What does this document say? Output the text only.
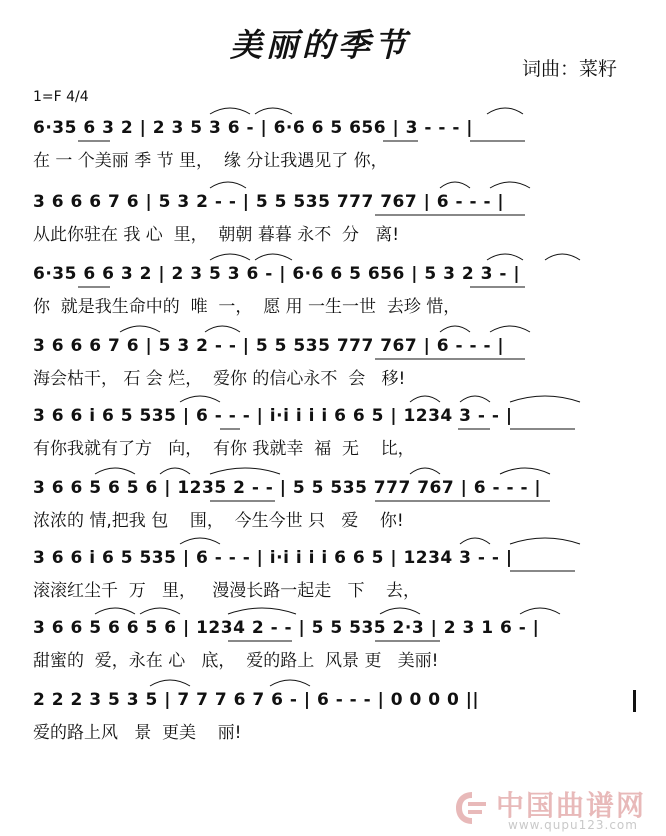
美丽的季节
词曲：菜籽
1=F 4/4
6·35 6 3 2 | 2 3 5 3 6 - | 6·6 6 5 656 | 3 - - - |
在 一 个美丽 季 节 里，  缘 分让我遇见了 你，
3 6 6 6 7 6 | 5 3 2 - - | 5 5 535 777 767 | 6 - - - |
从此你驻在 我 心  里，  朝朝 暮暮 永不  分   离!
6·35 6 6 3 2 | 2 3 5 3 6 - | 6·6 6 5 656 | 5 3 2 3 - |
你  就是我生命中的  唯  一，  愿 用 一生一世  去珍 惜，
3 6 6 6 7 6 | 5 3 2 - - | 5 5 535 777 767 | 6 - - - |
海会枯干， 石 会 烂，  爱你 的信心永不  会   移!
3 6 6 i 6 5 535 | 6 - - - | i·i i i i 6 6 5 | 1234 3 - - |
有你我就有了方   向，  有你 我就幸  福  无    比，
3 6 6 5 6 5 6 | 1235 2 - - | 5 5 535 777 767 | 6 - - - |
浓浓的 情,把我 包    围，  今生今世 只   爱    你!
3 6 6 i 6 5 535 | 6 - - - | i·i i i i 6 6 5 | 1234 3 - - |
滚滚红尘千  万   里，   漫漫长路一起走   下    去，
3 6 6 5 6 6 5 6 | 1234 2 - - | 5 5 535 2·3 | 2 3 1 6 - |
甜蜜的  爱，永在 心   底，  爱的路上  风景 更   美丽!
2 2 2 3 5 3 5 | 7 7 7 6 7 6 - | 6 - - - | 0 0 0 0 ||
爱的路上风   景  更美    丽!
中国曲谱网
www.qupu123.com
